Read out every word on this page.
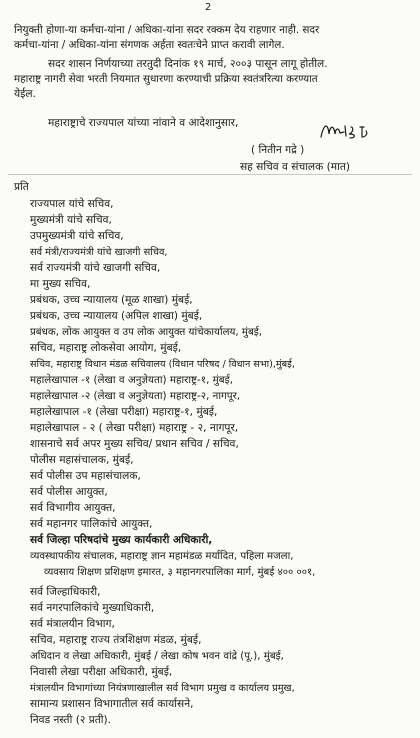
2
नियुक्ती होणा-या कर्मचा-यांना / अधिका-यांना सदर रक्कम देय राहणार नाही. सदर
कर्मचा-यांना / अधिका-यांना संगणक अर्हता स्वतःचेने प्राप्त करावी लागेल.
सदर शासन निर्णयाच्या तरतुदी दिनांक १९ मार्च, २००३ पासून लागू होतील.
महाराष्ट्र नागरी सेवा भरती नियमात सुधारणा करण्याची प्रक्रिया स्वतंत्ररित्या करण्यात
येईल.
महाराष्ट्राचे राज्यपाल यांच्या नांवाने व आदेशानुसार,
( नितीन गद्रे )
सह सचिव व संचालक (मात)
प्रति
राज्यपाल यांचे सचिव,
मुख्यमंत्री यांचे सचिव,
उपमुख्यमंत्री यांचे सचिव,
सर्व मंत्री/राज्यमंत्री यांचे खाजगी सचिव,
सर्व राज्यमंत्री यांचे खाजगी सचिव,
मा मुख्य सचिव,
प्रबंधक, उच्च न्यायालय (मूळ शाखा) मुंबई,
प्रबंधक, उच्च न्यायालय (अपिल शाखा) मुंबई,
प्रबंधक, लोक आयुक्त व उप लोक आयुक्त यांचेकार्यालय, मुंबई,
सचिव, महाराष्ट्र लोकसेवा आयोग, मुंबई,
सचिव, महाराष्ट्र विधान मंडळ सचिवालय (विधान परिषद / विधान सभा),मुंबई,
महालेखापाल -१ (लेखा व अनुज्ञेयता) महाराष्ट्र-१, मुंबई,
महालेखापाल -२ (लेखा व अनुज्ञेयता) महाराष्ट्र-२, नागपूर,
महालेखापाल -१ (लेखा परीक्षा) महाराष्ट्र-१, मुंबई,
महालेखापाल - २ ( लेखा परीक्षा) महाराष्ट्र - २, नागपूर,
शासनाचे सर्व अपर मुख्य सचिव/ प्रधान सचिव / सचिव,
पोलीस महासंचालक, मुंबई,
सर्व पोलीस उप महासंचालक,
सर्व पोलीस आयुक्त,
सर्व विभागीय आयुक्त,
सर्व महानगर पालिकांचे आयुक्त,
सर्व जिल्हा परिषदांचे मुख्य कार्यकारी अधिकारी,
व्यवस्थापकीय संचालक, महाराष्ट्र ज्ञान महामंडळ मर्यादित, पहिला मजला,
व्यवसाय शिक्षण प्रशिक्षण इमारत, ३ महानगरपालिका मार्ग, मुंबई ४०० ००१,
सर्व जिल्हाधिकारी,
सर्व नगरपालिकांचे मुख्याधिकारी,
सर्व मंत्रालयीन विभाग,
सचिव, महाराष्ट्र राज्य तंत्रशिक्षण मंडळ, मुंबई,
अधिदान व लेखा अधिकारी, मुंबई / लेखा कोष भवन वांद्रे (पू.), मुंबई,
निवासी लेखा परीक्षा अधिकारी, मुंबई,
मंत्रालयीन विभागांच्या नियंत्रणाखालील सर्व विभाग प्रमुख व कार्यालय प्रमुख,
सामान्य प्रशासन विभागातील सर्व कार्यासने,
निवड नस्ती (२ प्रती).
